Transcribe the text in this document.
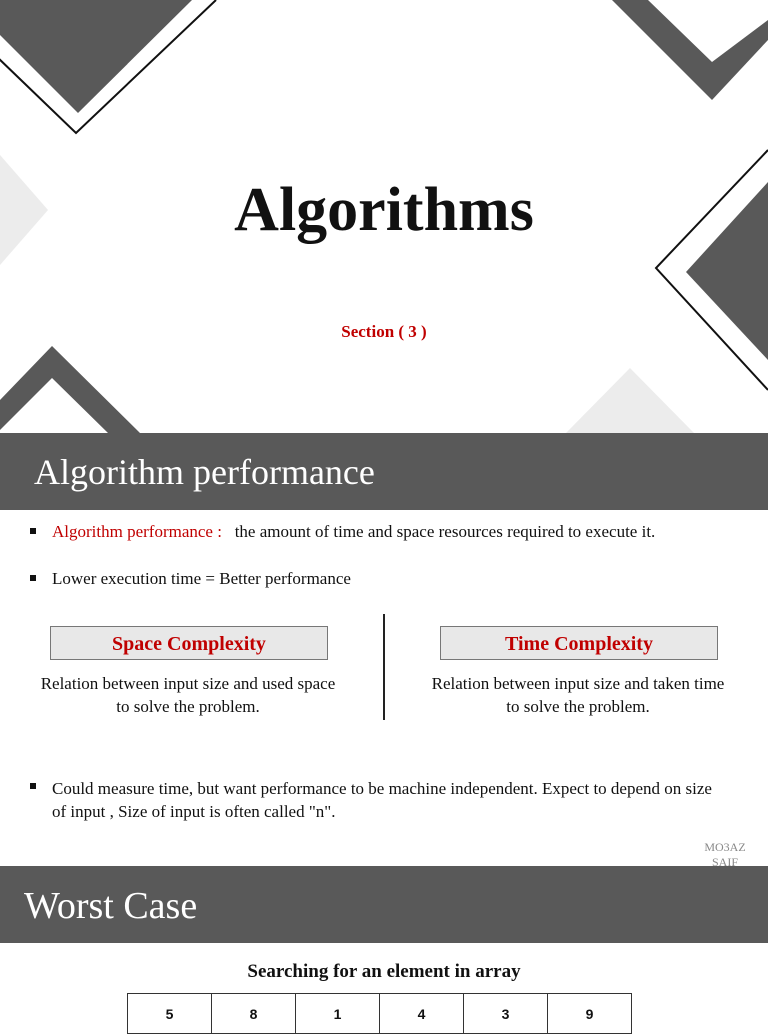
Algorithms
Section ( 3 )
Algorithm performance
Algorithm performance : the amount of time and space resources required to execute it.
Lower execution time = Better performance
Space Complexity
Relation between input size and used space to solve the problem.
Time Complexity
Relation between input size and taken time to solve the problem.
Could measure time, but want performance to be machine independent. Expect to depend on size of input , Size of input is often called "n".
MO3AZ SAIF
Worst Case
Searching for an element in array
5	8	1	4	3	9
